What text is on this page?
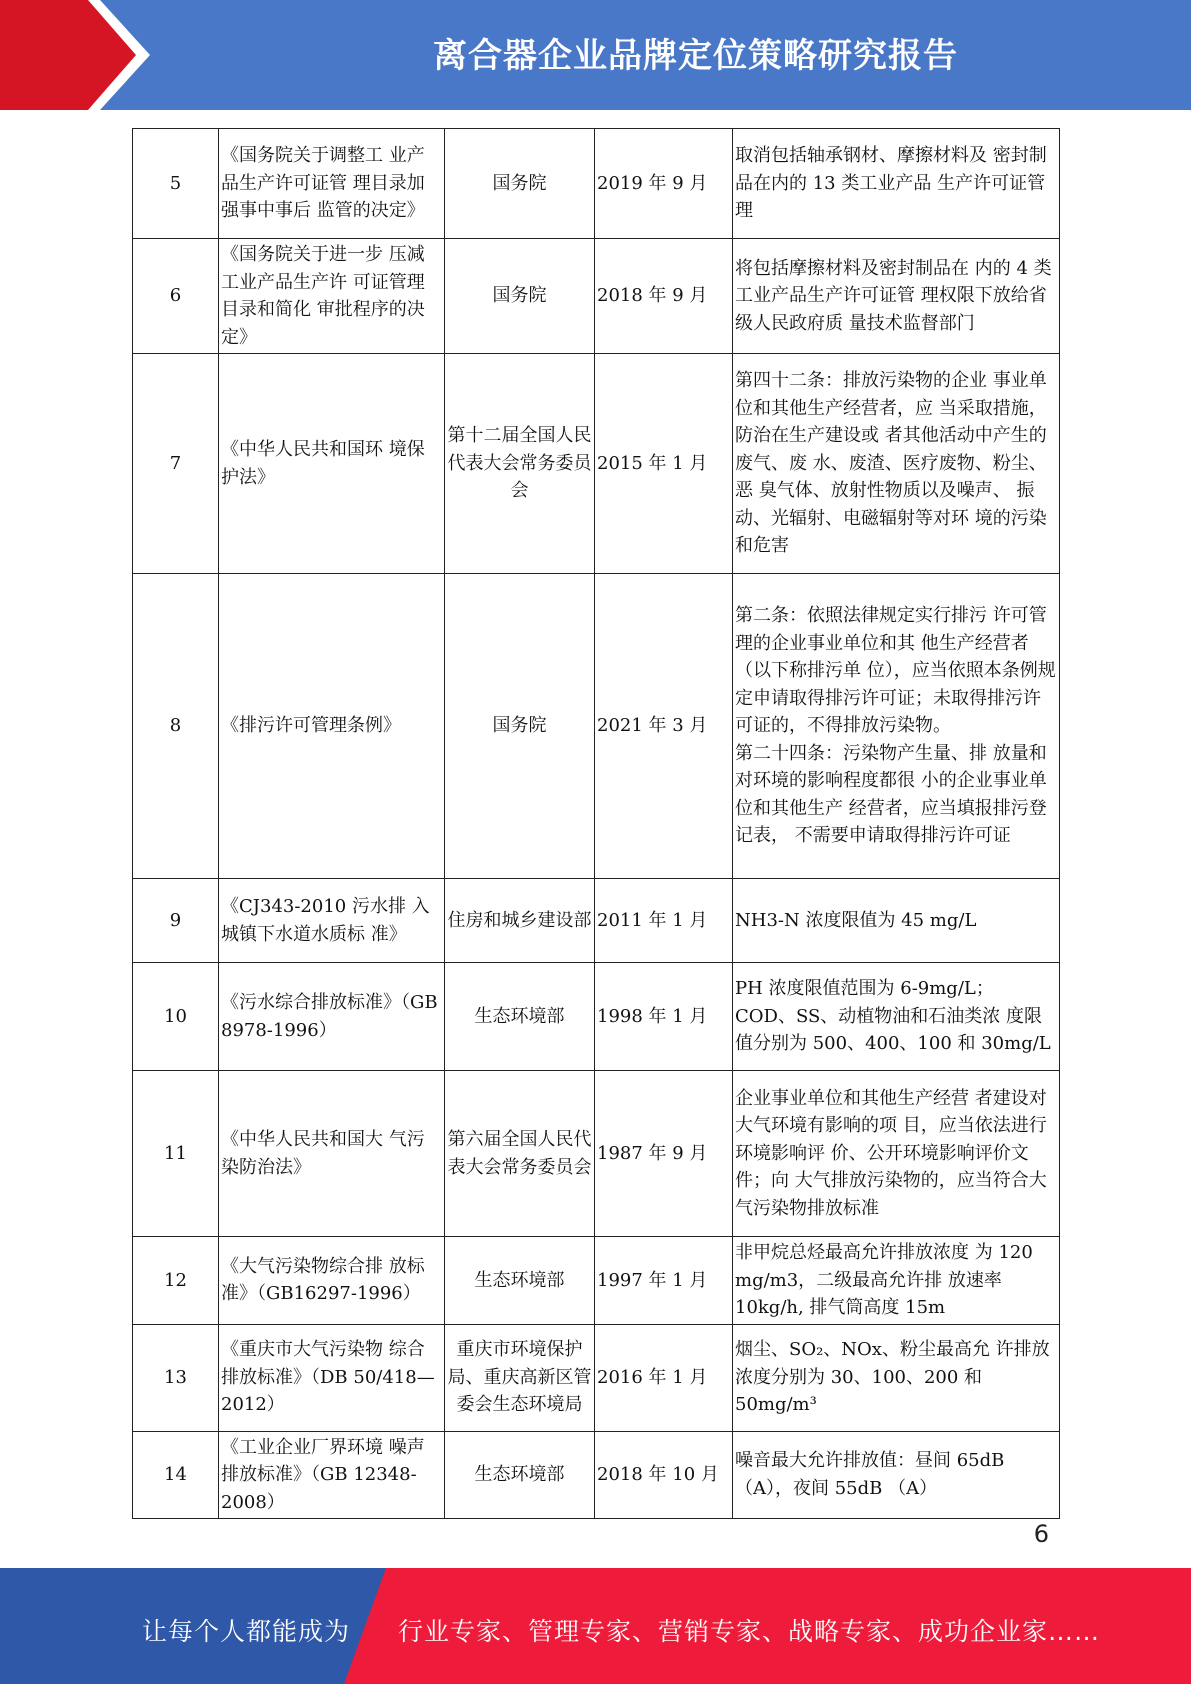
离合器企业品牌定位策略研究报告
5	《国务院关于调整工 业产品生产许可证管 理目录加强事中事后 监管的决定》	国务院	2019 年 9 月	取消包括轴承钢材、摩擦材料及 密封制品在内的 13 类工业产品 生产许可证管理
6	《国务院关于进一步 压减工业产品生产许 可证管理目录和简化 审批程序的决定》	国务院	2018 年 9 月	将包括摩擦材料及密封制品在 内的 4 类工业产品生产许可证管 理权限下放给省级人民政府质 量技术监督部门
7	《中华人民共和国环 境保护法》	第十二届全国人民代表大会常务委员会	2015 年 1 月	第四十二条：排放污染物的企业 事业单位和其他生产经营者，应 当采取措施，防治在生产建设或 者其他活动中产生的废气、废 水、废渣、医疗废物、粉尘、恶 臭气体、放射性物质以及噪声、 振动、光辐射、电磁辐射等对环 境的污染和危害
8	《排污许可管理条例》	国务院	2021 年 3 月	第二条：依照法律规定实行排污 许可管理的企业事业单位和其 他生产经营者（以下称排污单 位），应当依照本条例规定申请取得排污许可证；未取得排污许 可证的，不得排放污染物。
第二十四条：污染物产生量、排 放量和对环境的影响程度都很 小的企业事业单位和其他生产 经营者，应当填报排污登记表， 不需要申请取得排污许可证
9	《CJ343-2010 污水排 入城镇下水道水质标 准》	住房和城乡建设部	2011 年 1 月	NH3-N 浓度限值为 45 mg/L
10	《污水综合排放标准》（GB 8978-1996）	生态环境部	1998 年 1 月	PH 浓度限值范围为 6-9mg/L； COD、SS、动植物油和石油类浓 度限值分别为 500、400、100 和 30mg/L
11	《中华人民共和国大 气污染防治法》	第六届全国人民代表大会常务委员会	1987 年 9 月	企业事业单位和其他生产经营 者建设对大气环境有影响的项 目，应当依法进行环境影响评 价、公开环境影响评价文件；向 大气排放污染物的，应当符合大 气污染物排放标准
12	《大气污染物综合排 放标准》（GB16297-1996）	生态环境部	1997 年 1 月	非甲烷总烃最高允许排放浓度 为 120 mg/m3，二级最高允许排 放速率 10kg/h, 排气筒高度 15m
13	《重庆市大气污染物 综合排放标准》（DB 50/418—2012）	重庆市环境保护局、重庆高新区管委会生态环境局	2016 年 1 月	烟尘、SO₂、NOx、粉尘最高允 许排放浓度分别为 30、100、200 和 50mg/m³
14	《工业企业厂界环境 噪声排放标准》（GB 12348-2008）	生态环境部	2018 年 10 月	噪音最大允许排放值：昼间 65dB （A），夜间 55dB （A）
6
让每个人都能成为 行业专家、管理专家、营销专家、战略专家、成功企业家……
